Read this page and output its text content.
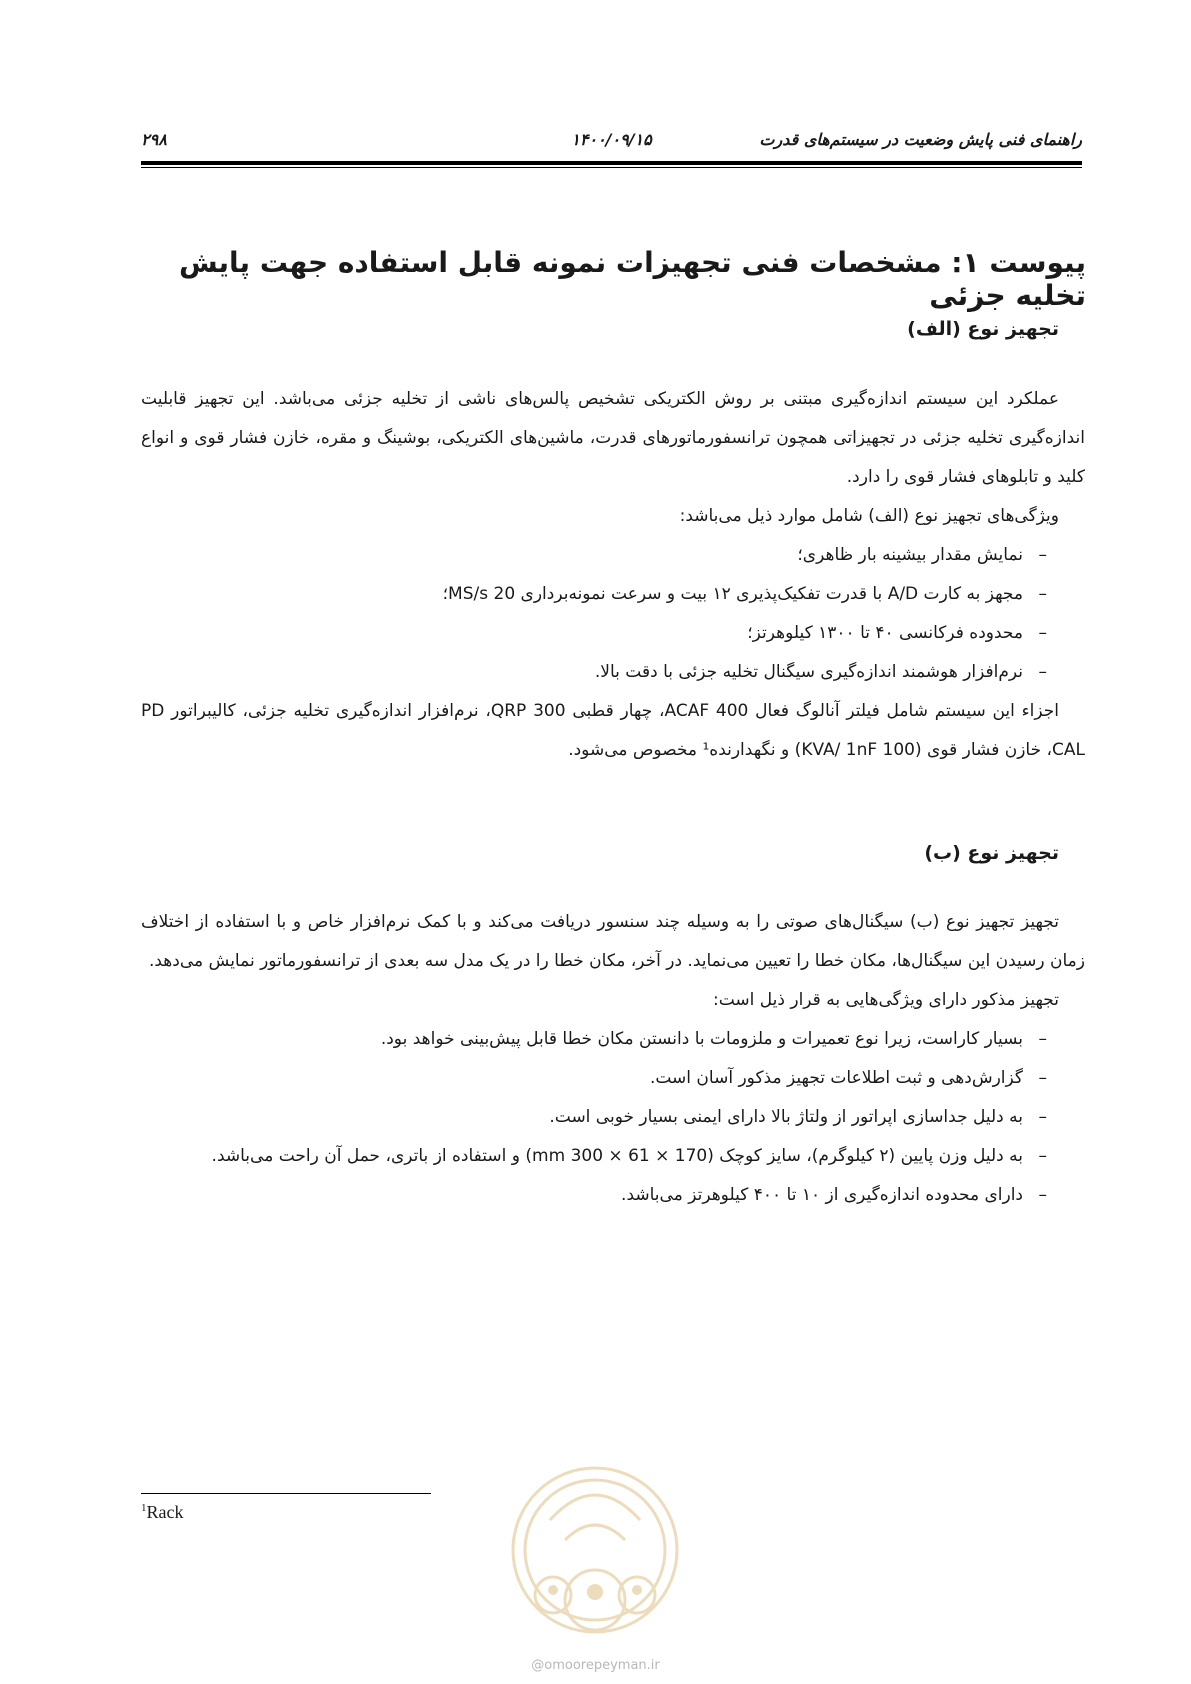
راهنمای فنی پایش وضعیت در سیستم‌های قدرت
۱۴۰۰/۰۹/۱۵
۲۹۸
پیوست ۱: مشخصات فنی تجهیزات نمونه قابل استفاده جهت پایش تخلیه جزئی
تجهیز نوع (الف)

عملکرد این سیستم اندازه‌گیری مبتنی بر روش الکتریکی تشخیص پالس‌های ناشی از تخلیه جزئی می‌باشد. این تجهیز قابلیت اندازه‌گیری تخلیه جزئی در تجهیزاتی همچون ترانسفورماتورهای قدرت، ماشین‌های الکتریکی، بوشینگ و مقره، خازن فشار قوی و انواع کلید و تابلوهای فشار قوی را دارد.

ویژگی‌های تجهیز نوع (الف) شامل موارد ذیل می‌باشد:

–
نمایش مقدار بیشینه بار ظاهری؛
–
مجهز به کارت A/D با قدرت تفکیک‌پذیری ۱۲ بیت و سرعت نمونه‌برداری 20 MS/s؛
–
محدوده فرکانسی ۴۰ تا ۱۳۰۰ کیلوهرتز؛
–
نرم‌افزار هوشمند اندازه‌گیری سیگنال تخلیه جزئی با دقت بالا.

اجزاء این سیستم شامل فیلتر آنالوگ فعال ACAF 400، چهار قطبی QRP 300، نرم‌افزار اندازه‌گیری تخلیه جزئی، کالیبراتور PD CAL، خازن فشار قوی (100 KVA/ 1nF) و نگهدارنده¹ مخصوص می‌شود.

تجهیز نوع (ب)

تجهیز تجهیز نوع (ب) سیگنال‌های صوتی را به وسیله چند سنسور دریافت می‌کند و با کمک نرم‌افزار خاص و با استفاده از اختلاف زمان رسیدن این سیگنال‌ها، مکان خطا را تعیین می‌نماید. در آخر، مکان خطا را در یک مدل سه بعدی از ترانسفورماتور نمایش می‌دهد.

تجهیز مذکور دارای ویژگی‌هایی به قرار ذیل است:

–
بسیار کاراست، زیرا نوع تعمیرات و ملزومات با دانستن مکان خطا قابل پیش‌بینی خواهد بود.
–
گزارش‌دهی و ثبت اطلاعات تجهیز مذکور آسان است.
–
به دلیل جداسازی اپراتور از ولتاژ بالا دارای ایمنی بسیار خوبی است.
–
به دلیل وزن پایین (۲ کیلوگرم)، سایز کوچک (170 × 61 × 300 mm) و استفاده از باتری، حمل آن راحت می‌باشد.
–
دارای محدوده اندازه‌گیری از ۱۰ تا ۴۰۰ کیلوهرتز می‌باشد.
$^1$Rack
@omoorepeyman.ir
